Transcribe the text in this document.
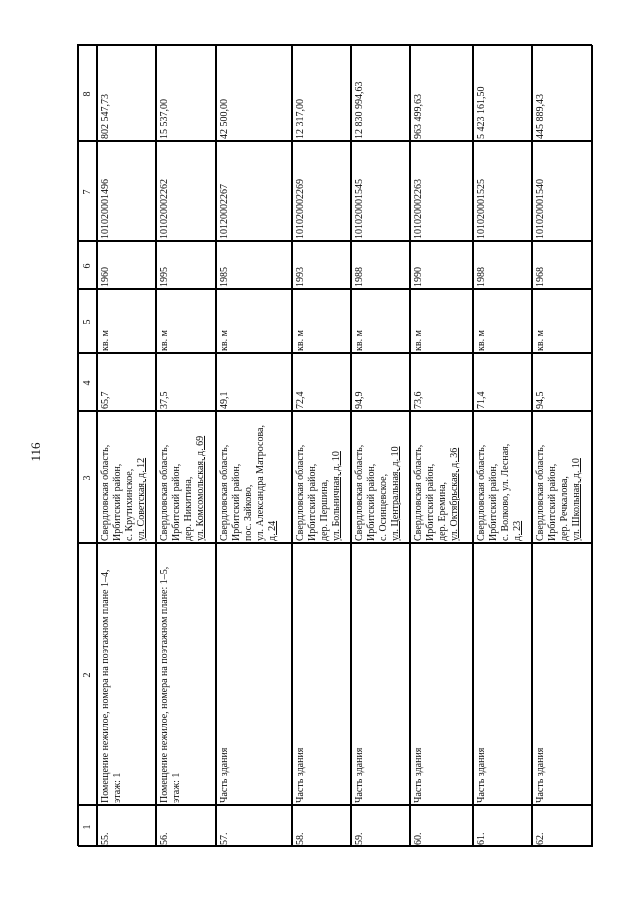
116
1
2
3
4
5
6
7
8
55.
Помещение нежилое, номера на поэтажном плане 1–4, этаж: 1
Свердловская область, Ирбитский район, с. Крутихинское, ул. Советская, д. 12
65,7
кв. м
1960
101020001496
802 547,73
56.
Помещение нежилое, номера на поэтажном плане: 1–5, этаж: 1
Свердловская область, Ирбитский район, дер. Никитина, ул. Комсомольская, д. 69
37,5
кв. м
1995
101020002262
15 537,00
57.
Часть здания
Свердловская область, Ирбитский район, пос. Зайково, ул. Александра Матросова, д. 24
49,1
кв. м
1985
10120002267
42 500,00
58.
Часть здания
Свердловская область, Ирбитский район, дер. Першина, ул. Больничная, д. 10
72,4
кв. м
1993
101020002269
12 317,00
59.
Часть здания
Свердловская область, Ирбитский район, с. Осинцевское, ул. Центральная, д. 10
94,9
кв. м
1988
101020001545
12 830 994,63
60.
Часть здания
Свердловская область, Ирбитский район, дер. Еремина, ул. Октябрьская, д. 36
73,6
кв. м
1990
101020002263
963 499,63
61.
Часть здания
Свердловская область, Ирбитский район, с. Волково, ул. Лесная, д. 23
71,4
кв. м
1988
101020001525
5 423 161,50
62.
Часть здания
Свердловская область, Ирбитский район, дер. Речкалова, ул. Школьная, д. 10
94,5
кв. м
1968
101020001540
445 889,43
